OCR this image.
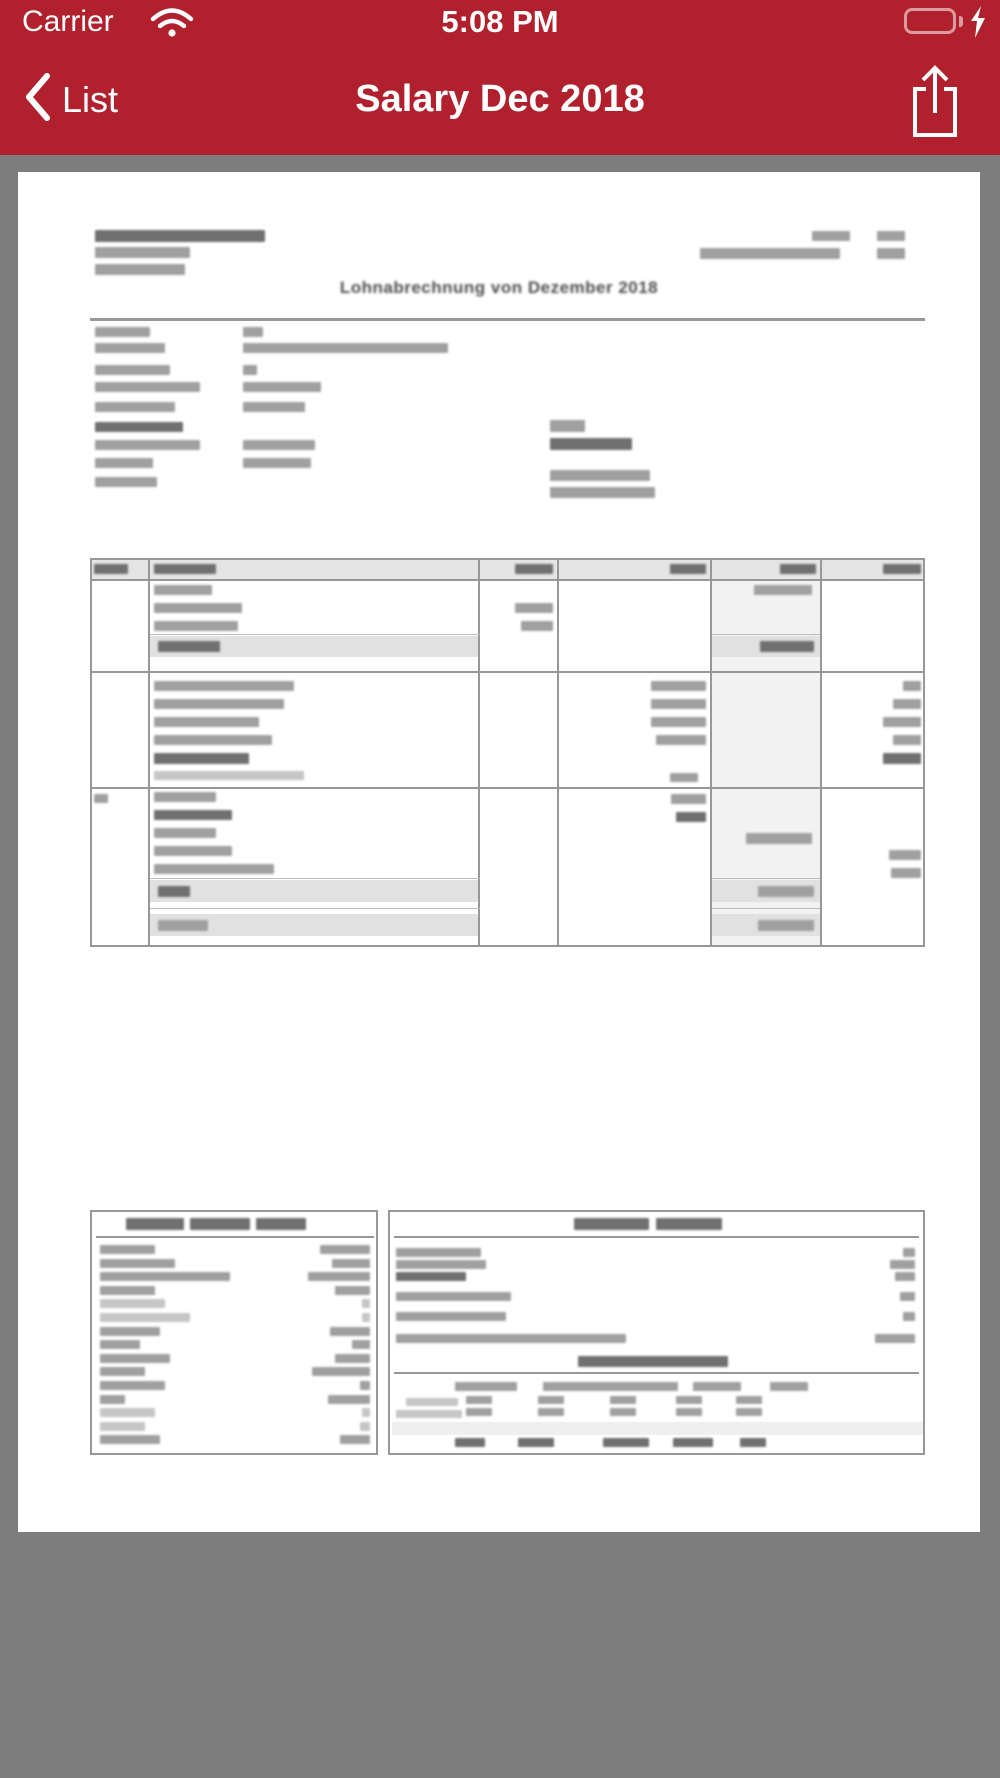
Carrier	5:08 PM
List	Salary Dec 2018
Lohnabrechnung von Dezember 2018
